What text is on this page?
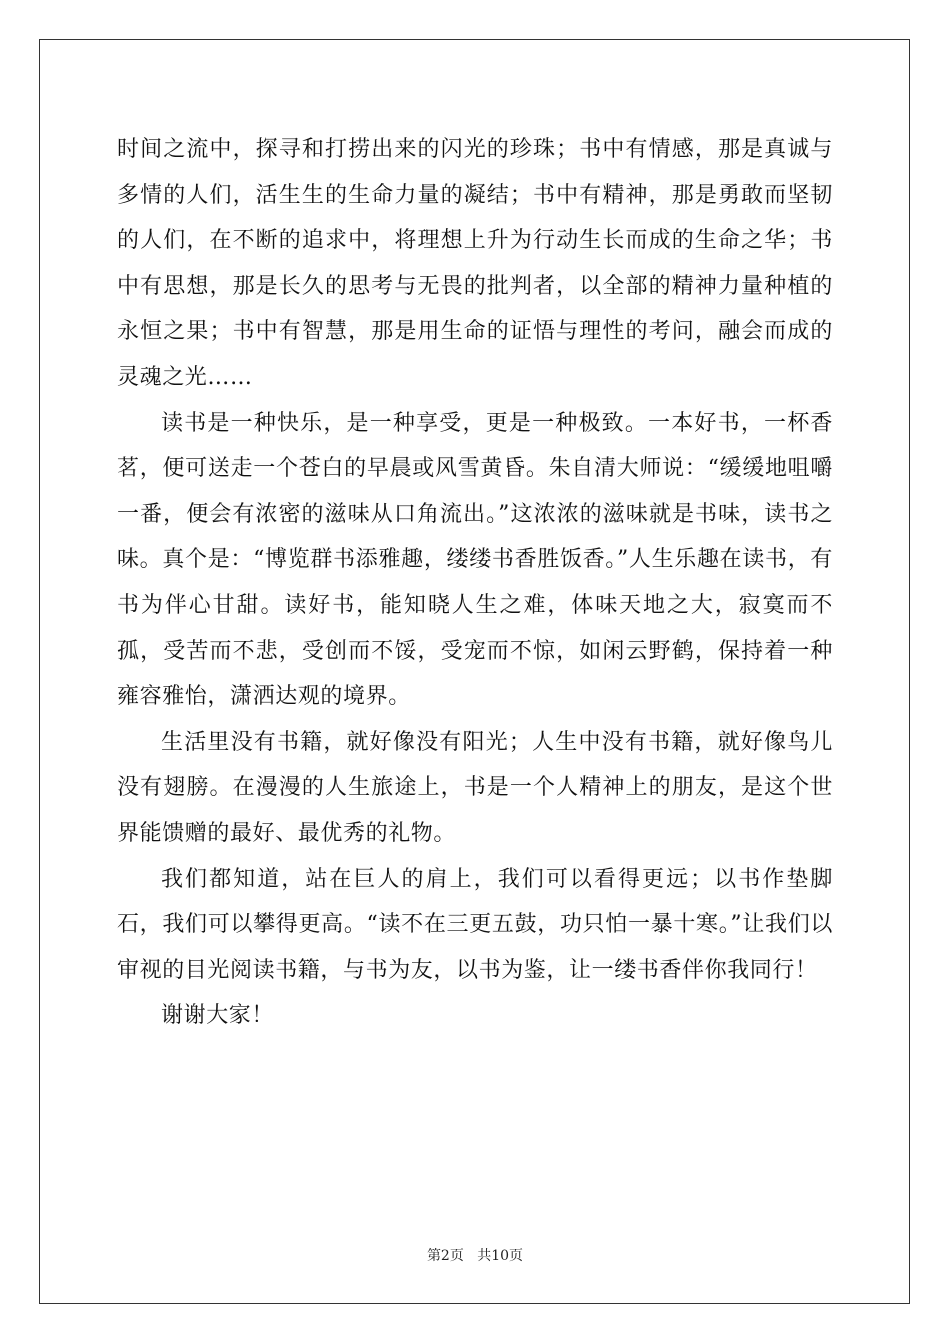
时间之流中，探寻和打捞出来的闪光的珍珠；书中有情感，那是真诚与多情的人们，活生生的生命力量的凝结；书中有精神，那是勇敢而坚韧的人们，在不断的追求中，将理想上升为行动生长而成的生命之华；书中有思想，那是长久的思考与无畏的批判者，以全部的精神力量种植的永恒之果；书中有智慧，那是用生命的证悟与理性的考问，融会而成的灵魂之光……

读书是一种快乐，是一种享受，更是一种极致。一本好书，一杯香茗，便可送走一个苍白的早晨或风雪黄昏。朱自清大师说：“缓缓地咀嚼一番，便会有浓密的滋味从口角流出。”这浓浓的滋味就是书味，读书之味。真个是：“博览群书添雅趣，缕缕书香胜饭香。”人生乐趣在读书，有书为伴心甘甜。读好书，能知晓人生之难，体味天地之大，寂寞而不孤，受苦而不悲，受创而不馁，受宠而不惊，如闲云野鹤，保持着一种雍容雅怡，潇洒达观的境界。

生活里没有书籍，就好像没有阳光；人生中没有书籍，就好像鸟儿没有翅膀。在漫漫的人生旅途上，书是一个人精神上的朋友，是这个世界能馈赠的最好、最优秀的礼物。

我们都知道，站在巨人的肩上，我们可以看得更远；以书作垫脚石，我们可以攀得更高。“读不在三更五鼓，功只怕一暴十寒。”让我们以审视的目光阅读书籍，与书为友，以书为鉴，让一缕书香伴你我同行！

谢谢大家！

第2页 共10页
